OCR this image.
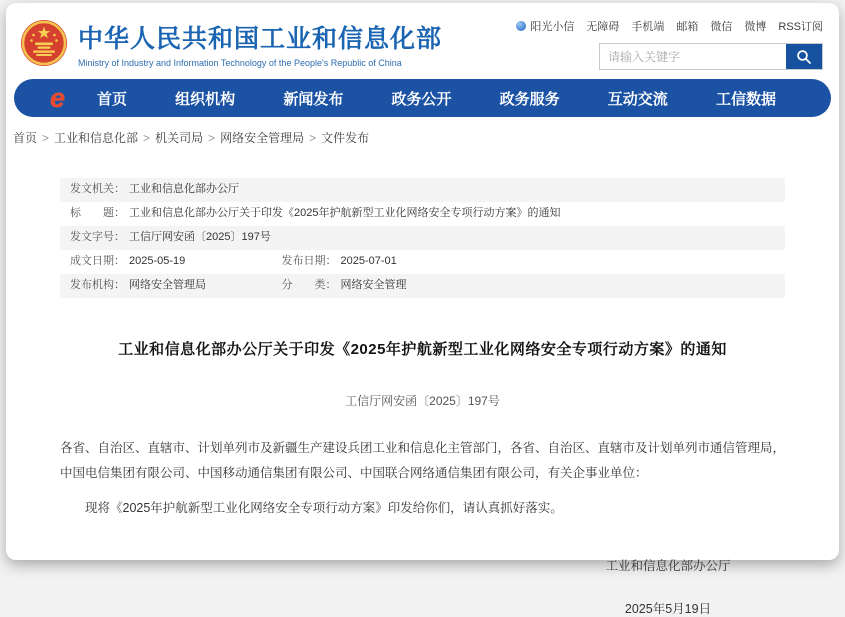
中华人民共和国工业和信息化部
Ministry of Industry and Information Technology of the People's Republic of China
阳光小信 无障碍 手机端 邮箱 微信 微博 RSS订阅
请输入关键字
e	首页	组织机构	新闻发布	政务公开	政务服务	互动交流	工信数据
首页 > 工业和信息化部 > 机关司局 > 网络安全管理局 > 文件发布
发文机关： 工业和信息化部办公厅
标　　题： 工业和信息化部办公厅关于印发《2025年护航新型工业化网络安全专项行动方案》的通知
发文字号： 工信厅网安函〔2025〕197号
成文日期： 2025-05-19	发布日期： 2025-07-01
发布机构： 网络安全管理局	分　　类： 网络安全管理
工业和信息化部办公厅关于印发《2025年护航新型工业化网络安全专项行动方案》的通知
工信厅网安函〔2025〕197号

各省、自治区、直辖市、计划单列市及新疆生产建设兵团工业和信息化主管部门，各省、自治区、直辖市及计划单列市通信管理局，中国电信集团有限公司、中国移动通信集团有限公司、中国联合网络通信集团有限公司，有关企事业单位：

现将《2025年护航新型工业化网络安全专项行动方案》印发给你们，请认真抓好落实。

工业和信息化部办公厅
2025年5月19日
